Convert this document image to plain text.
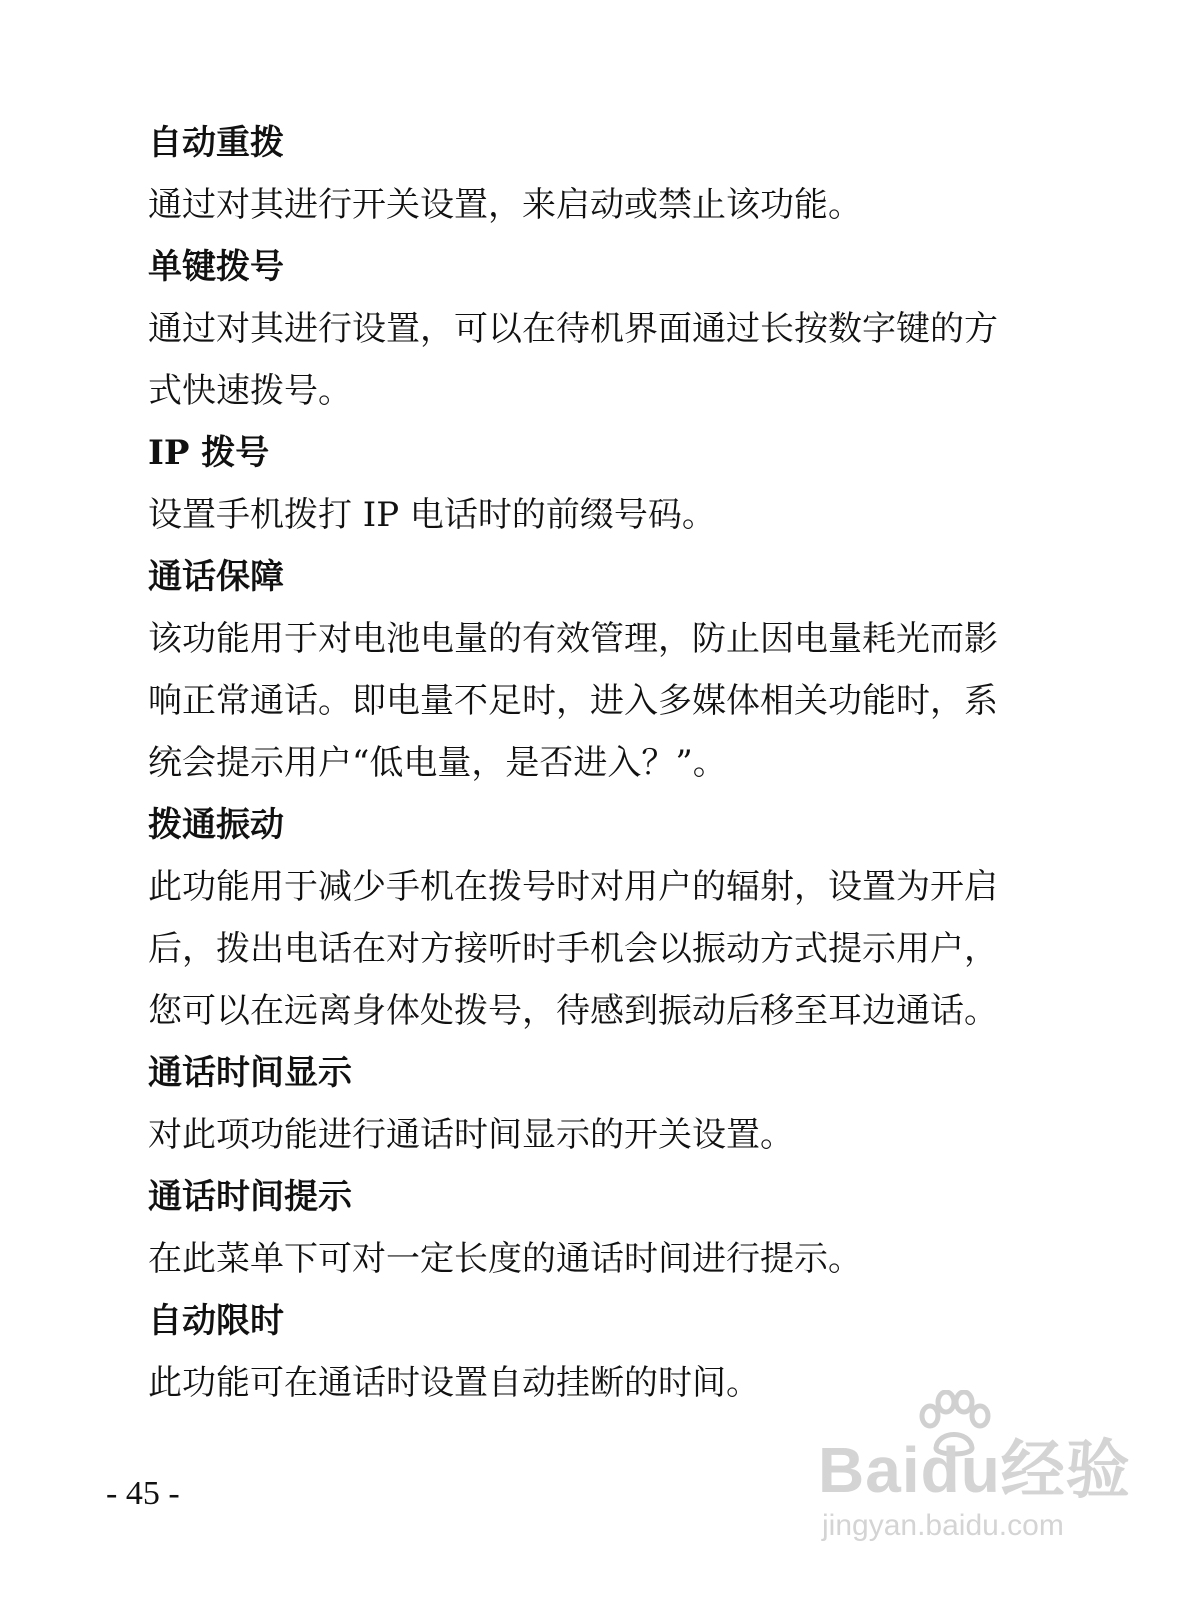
自动重拨

通过对其进行开关设置，来启动或禁止该功能。

单键拨号

通过对其进行设置，可以在待机界面通过长按数字键的方

式快速拨号。

IP 拨号

设置手机拨打 IP 电话时的前缀号码。

通话保障

该功能用于对电池电量的有效管理，防止因电量耗光而影

响正常通话。即电量不足时，进入多媒体相关功能时，系

统会提示用户“低电量，是否进入？”。

拨通振动

此功能用于减少手机在拨号时对用户的辐射，设置为开启

后，拨出电话在对方接听时手机会以振动方式提示用户，

您可以在远离身体处拨号，待感到振动后移至耳边通话。

通话时间显示

对此项功能进行通话时间显示的开关设置。

通话时间提示

在此菜单下可对一定长度的通话时间进行提示。

自动限时

此功能可在通话时设置自动挂断的时间。

- 45 -	Baidu经验
jingyan.baidu.com
